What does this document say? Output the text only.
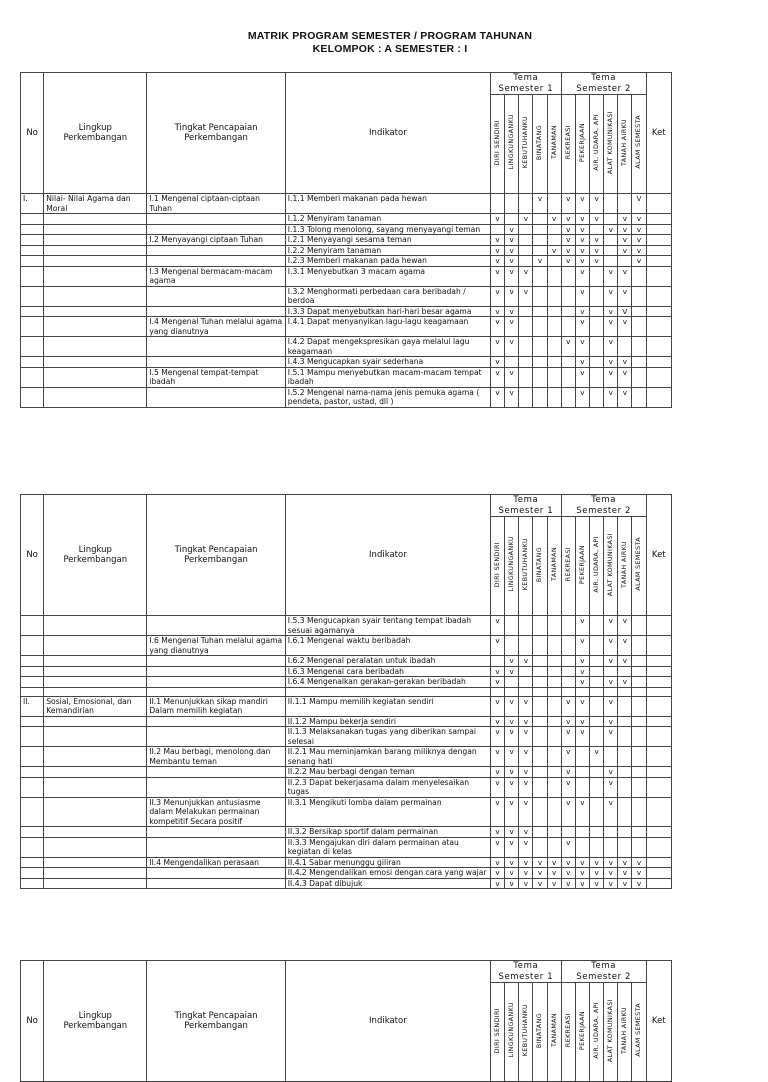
MATRIK PROGRAM SEMESTER / PROGRAM TAHUNAN
KELOMPOK : A SEMESTER : I
No	Lingkup Perkembangan	Tingkat Pencapaian Perkembangan	Indikator	Tema
Semester 1					Tema
Semester 2						Ket
				DIRI SENDIRI	LINGKUNGANKU	KEBUTUHANKU	BINATANG	TANAMAN	REKREASI	PEKERJAAN	AIR, UDARA, API	ALAT KOMUNIKASI	TANAH AIRKU	ALAM SEMESTA	
I.	Nilai- Nilai Agama dan Moral	I.1 Mengenal ciptaan-ciptaan Tuhan	I.1.1 Memberi makanan pada hewan				v		v	v	v			V	
			I.1.2 Menyiram tanaman	v		v		v	v	v	v		v	v	
			I.1.3 Tolong menolong, sayang menyayangi teman		v				v	v		v	v	v	
		I.2 Menyayangi ciptaan Tuhan	I.2.1 Menyayangi sesama teman	v	v				v	v	v		v	v	
			I.2.2 Menyiram tanaman	v	v			v	v	v	v		v	v	
			I.2.3 Memberi makanan pada hewan	v	v		v		v	v	v			v	
		I.3 Mengenal bermacam-macam agama	I.3.1 Menyebutkan 3 macam agama	v	v	v				v		v	v		
			I.3.2 Menghormati perbedaan cara beribadah / berdoa	v	v	v				v		v	v		
			I.3.3 Dapat menyebutkan hari-hari besar agama	v	v					v		v	V		
		I.4 Mengenal Tuhan melalui agama yang dianutnya	I.4.1 Dapat menyanyikan lagu-lagu keagamaan	v	v					v		v	v		
			I.4.2 Dapat mengekspresikan gaya melalui lagu keagamaan	v	v				v	v		v			
			I.4.3 Mengucapkan syair sederhana	v						v		v	v		
		I.5 Mengenal tempat-tempat ibadah	I.5.1 Mampu menyebutkan macam-macam tempat ibadah	v	v					v		v	v		
			I.5.2 Mengenal nama-nama jenis pemuka agama ( pendeta, pastor, ustad, dll )	v	v					v		v	v		
No	Lingkup Perkembangan	Tingkat Pencapaian Perkembangan	Indikator	Tema
Semester 1					Tema
Semester 2						Ket
				DIRI SENDIRI	LINGKUNGANKU	KEBUTUHANKU	BINATANG	TANAMAN	REKREASI	PEKERJAAN	AIR, UDARA, API	ALAT KOMUNIKASI	TANAH AIRKU	ALAM SEMESTA	
			I.5.3 Mengucapkan syair tentang tempat ibadah sesuai agamanya	v						v		v	v		
		I.6 Mengenal Tuhan melalui agama yang dianutnya	I.6.1 Mengenal waktu beribadah	v						v		v	v		
			I.6.2 Mengenal peralatan untuk ibadah		v	v				v		v	v		
			I.6.3 Mengenal cara beribadah	v	v					v					
			I.6.4 Mengenalkan gerakan-gerakan beribadah	v						v		v	v		

II.	Sosial, Emosional, dan Kemandirian	II.1 Menunjukkan sikap mandiri Dalam memilih kegiatan	II.1.1 Mampu memilih kegiatan sendiri	v	v	v			v	v		v			
			II.1.2 Mampu bekerja sendiri	v	v	v			v	v		v			
			II.1.3 Melaksanakan tugas yang diberikan sampai selesai	v	v	v			v	v		v			
		II.2 Mau berbagi, menolong dan Membantu teman	II.2.1 Mau meminjamkan barang miliknya dengan senang hati	v	v	v			v		v				
			II.2.2 Mau berbagi dengan teman	v	v	v			v			v			
			II.2.3 Dapat bekerjasama dalam menyelesaikan tugas	v	v	v			v			v			
		II.3 Menunjukkan antusiasme dalam Melakukan permainan kompetitif Secara positif	II.3.1 Mengikuti lomba dalam permainan	v	v	v			v	v		v			
			II.3.2 Bersikap sportif dalam permainan	v	v	v									
			II.3.3 Mengajukan diri dalam permainan atau kegiatan di kelas	v	v	v			v						
		II.4 Mengendalikan perasaan	II.4.1 Sabar menunggu giliran	v	v	v	v	v	v	v	v	v	v	v	
			II.4.2 Mengendalikan emosi dengan cara yang wajar	v	v	v	v	v	v	v	v	v	v	v	
			II.4.3 Dapat dibujuk	v	v	v	v	v	v	v	v	v	v	v	
No	Lingkup Perkembangan	Tingkat Pencapaian Perkembangan	Indikator	Tema
Semester 1					Tema
Semester 2						Ket
				DIRI SENDIRI	LINGKUNGANKU	KEBUTUHANKU	BINATANG	TANAMAN	REKREASI	PEKERJAAN	AIR, UDARA, API	ALAT KOMUNIKASI	TANAH AIRKU	ALAM SEMESTA	
